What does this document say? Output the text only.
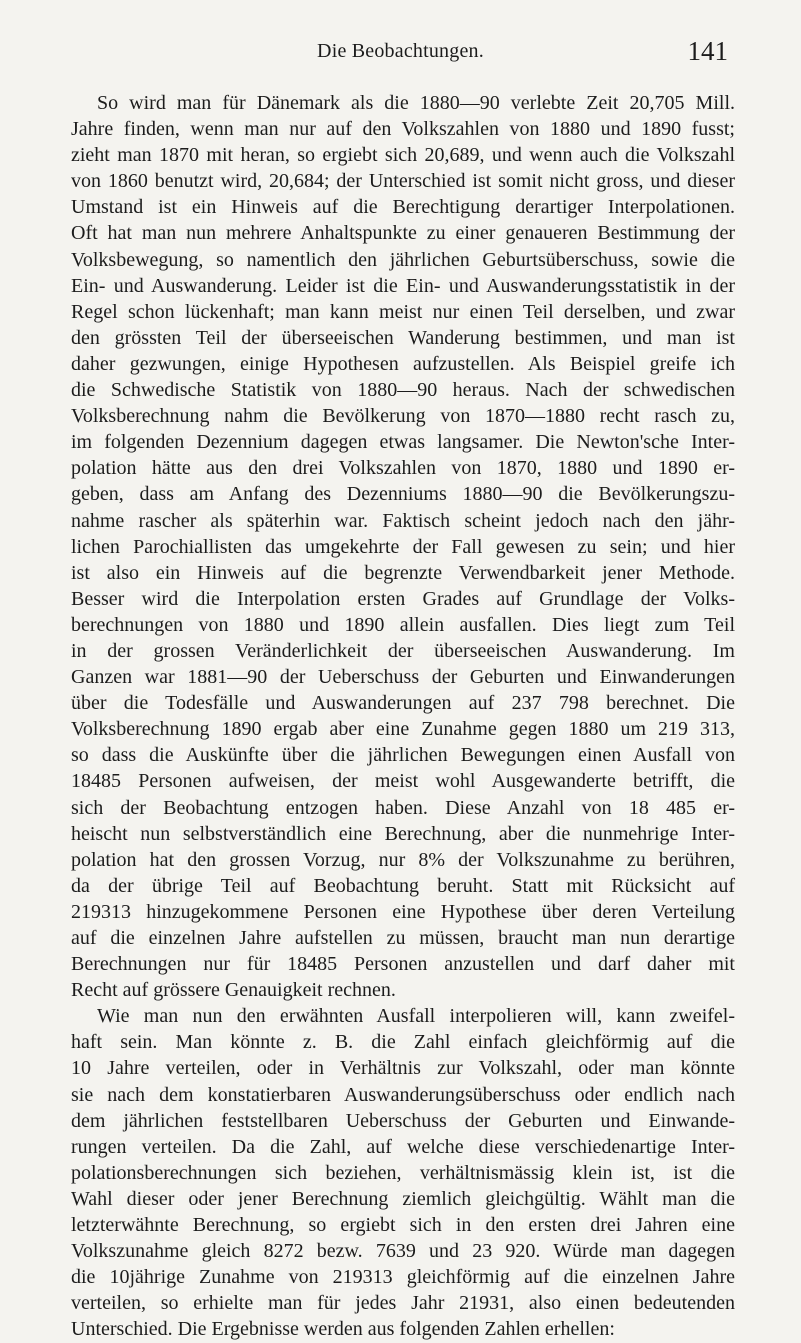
Die Beobachtungen.	141
So wird man für Dänemark als die 1880—90 verlebte Zeit 20,705 Mill.
Jahre finden, wenn man nur auf den Volkszahlen von 1880 und 1890 fusst;
zieht man 1870 mit heran, so ergiebt sich 20,689, und wenn auch die Volkszahl
von 1860 benutzt wird, 20,684; der Unterschied ist somit nicht gross, und dieser
Umstand ist ein Hinweis auf die Berechtigung derartiger Interpolationen.
Oft hat man nun mehrere Anhaltspunkte zu einer genaueren Bestimmung der
Volksbewegung, so namentlich den jährlichen Geburtsüberschuss, sowie die
Ein- und Auswanderung. Leider ist die Ein- und Auswanderungsstatistik in der
Regel schon lückenhaft; man kann meist nur einen Teil derselben, und zwar
den grössten Teil der überseeischen Wanderung bestimmen, und man ist
daher gezwungen, einige Hypothesen aufzustellen. Als Beispiel greife ich
die Schwedische Statistik von 1880—90 heraus. Nach der schwedischen
Volksberechnung nahm die Bevölkerung von 1870—1880 recht rasch zu,
im folgenden Dezennium dagegen etwas langsamer. Die Newton'sche Inter-
polation hätte aus den drei Volkszahlen von 1870, 1880 und 1890 er-
geben, dass am Anfang des Dezenniums 1880—90 die Bevölkerungszu-
nahme rascher als späterhin war. Faktisch scheint jedoch nach den jähr-
lichen Parochiallisten das umgekehrte der Fall gewesen zu sein; und hier
ist also ein Hinweis auf die begrenzte Verwendbarkeit jener Methode.
Besser wird die Interpolation ersten Grades auf Grundlage der Volks-
berechnungen von 1880 und 1890 allein ausfallen. Dies liegt zum Teil
in der grossen Veränderlichkeit der überseeischen Auswanderung. Im
Ganzen war 1881—90 der Ueberschuss der Geburten und Einwanderungen
über die Todesfälle und Auswanderungen auf 237 798 berechnet. Die
Volksberechnung 1890 ergab aber eine Zunahme gegen 1880 um 219 313,
so dass die Auskünfte über die jährlichen Bewegungen einen Ausfall von
18485 Personen aufweisen, der meist wohl Ausgewanderte betrifft, die
sich der Beobachtung entzogen haben. Diese Anzahl von 18 485 er-
heischt nun selbstverständlich eine Berechnung, aber die nunmehrige Inter-
polation hat den grossen Vorzug, nur 8% der Volkszunahme zu berühren,
da der übrige Teil auf Beobachtung beruht. Statt mit Rücksicht auf
219313 hinzugekommene Personen eine Hypothese über deren Verteilung
auf die einzelnen Jahre aufstellen zu müssen, braucht man nun derartige
Berechnungen nur für 18485 Personen anzustellen und darf daher mit
Recht auf grössere Genauigkeit rechnen.
Wie man nun den erwähnten Ausfall interpolieren will, kann zweifel-
haft sein. Man könnte z. B. die Zahl einfach gleichförmig auf die
10 Jahre verteilen, oder in Verhältnis zur Volkszahl, oder man könnte
sie nach dem konstatierbaren Auswanderungsüberschuss oder endlich nach
dem jährlichen feststellbaren Ueberschuss der Geburten und Einwande-
rungen verteilen. Da die Zahl, auf welche diese verschiedenartige Inter-
polationsberechnungen sich beziehen, verhältnismässig klein ist, ist die
Wahl dieser oder jener Berechnung ziemlich gleichgültig. Wählt man die
letzterwähnte Berechnung, so ergiebt sich in den ersten drei Jahren eine
Volkszunahme gleich 8272 bezw. 7639 und 23 920. Würde man dagegen
die 10jährige Zunahme von 219313 gleichförmig auf die einzelnen Jahre
verteilen, so erhielte man für jedes Jahr 21931, also einen bedeutenden
Unterschied. Die Ergebnisse werden aus folgenden Zahlen erhellen:
